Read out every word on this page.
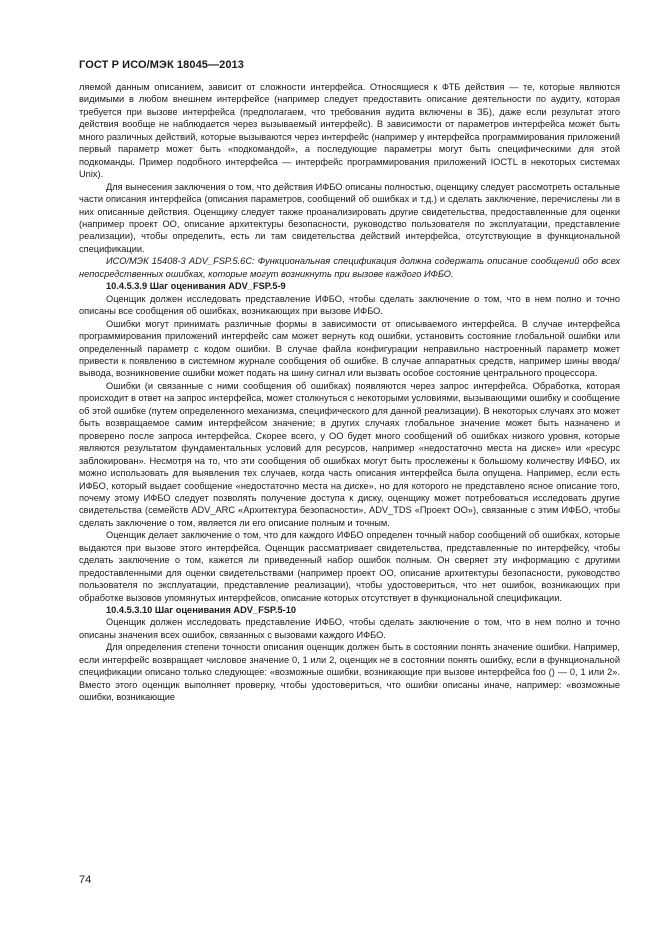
ГОСТ Р ИСО/МЭК 18045—2013

ляемой данным описанием, зависит от сложности интерфейса. Относящиеся к ФТБ действия — те, которые являются видимыми в любом внешнем интерфейсе (например следует предоставить описание деятельности по аудиту, которая требуется при вызове интерфейса (предполагаем, что требования аудита включены в ЗБ), даже если результат этого действия вообще не наблюдается через вызываемый интерфейс). В зависимости от параметров интерфейса может быть много различных действий, которые вызываются через интерфейс (например у интерфейса программирования приложений первый параметр может быть «подкомандой», а последующие параметры могут быть специфическими для этой подкоманды. Пример подобного интерфейса — интерфейс программирования приложений IOCTL в некоторых системах Unix).

Для вынесения заключения о том, что действия ИФБО описаны полностью, оценщику следует рассмотреть остальные части описания интерфейса (описания параметров, сообщений об ошибках и т.д.) и сделать заключение, перечислены ли в них описанные действия. Оценщику следует также проанализировать другие свидетельства, предоставленные для оценки (например проект ОО, описание архитектуры безопасности, руководство пользователя по эксплуатации, представление реализации), чтобы определить, есть ли там свидетельства действий интерфейса, отсутствующие в функциональной спецификации.

ИСО/МЭК 15408-3 ADV_FSP.5.6C: Функциональная спецификация должна содержать описание сообщений обо всех непосредственных ошибках, которые могут возникнуть при вызове каждого ИФБО.

10.4.5.3.9 Шаг оценивания ADV_FSP.5-9

Оценщик должен исследовать представление ИФБО, чтобы сделать заключение о том, что в нем полно и точно описаны все сообщения об ошибках, возникающих при вызове ИФБО.

Ошибки могут принимать различные формы в зависимости от описываемого интерфейса. В случае интерфейса программирования приложений интерфейс сам может вернуть код ошибки, установить состояние глобальной ошибки или определенный параметр с кодом ошибки. В случае файла конфигурации неправильно настроенный параметр может привести к появлению в системном журнале сообщения об ошибке. В случае аппаратных средств, например шины ввода/вывода, возникновение ошибки может подать на шину сигнал или вызвать особое состояние центрального процессора.

Ошибки (и связанные с ними сообщения об ошибках) появляются через запрос интерфейса. Обработка, которая происходит в ответ на запрос интерфейса, может столкнуться с некоторыми условиями, вызывающими ошибку и сообщение об этой ошибке (путем определенного механизма, специфического для данной реализации). В некоторых случаях это может быть возвращаемое самим интерфейсом значение; в других случаях глобальное значение может быть назначено и проверено после запроса интерфейса. Скорее всего, у ОО будет много сообщений об ошибках низкого уровня, которые являются результатом фундаментальных условий для ресурсов, например «недостаточно места на диске» или «ресурс заблокирован». Несмотря на то, что эти сообщения об ошибках могут быть прослежены к большому количеству ИФБО, их можно использовать для выявления тех случаев, когда часть описания интерфейса была опущена. Например, если есть ИФБО, который выдает сообщение «недостаточно места на диске», но для которого не представлено ясное описание того, почему этому ИФБО следует позволять получение доступа к диску, оценщику может потребоваться исследовать другие свидетельства (семейств ADV_ARC «Архитектура безопасности», ADV_TDS «Проект ОО»), связанные с этим ИФБО, чтобы сделать заключение о том, является ли его описание полным и точным.

Оценщик делает заключение о том, что для каждого ИФБО определен точный набор сообщений об ошибках, которые выдаются при вызове этого интерфейса. Оценщик рассматривает свидетельства, представленные по интерфейсу, чтобы сделать заключение о том, кажется ли приведенный набор ошибок полным. Он сверяет эту информацию с другими предоставленными для оценки свидетельствами (например проект ОО, описание архитектуры безопасности, руководство пользователя по эксплуатации, представление реализации), чтобы удостовериться, что нет ошибок, возникающих при обработке вызовов упомянутых интерфейсов, описание которых отсутствует в функциональной спецификации.

10.4.5.3.10 Шаг оценивания ADV_FSP.5-10

Оценщик должен исследовать представление ИФБО, чтобы сделать заключение о том, что в нем полно и точно описаны значения всех ошибок, связанных с вызовами каждого ИФБО.

Для определения степени точности описания оценщик должен быть в состоянии понять значение ошибки. Например, если интерфейс возвращает числовое значение 0, 1 или 2, оценщик не в состоянии понять ошибку, если в функциональной спецификации описано только следующее: «возможные ошибки, возникающие при вызове интерфейса foo () — 0, 1 или 2». Вместо этого оценщик выполняет проверку, чтобы удостовериться, что ошибки описаны иначе, например: «возможные ошибки, возникающие

74
